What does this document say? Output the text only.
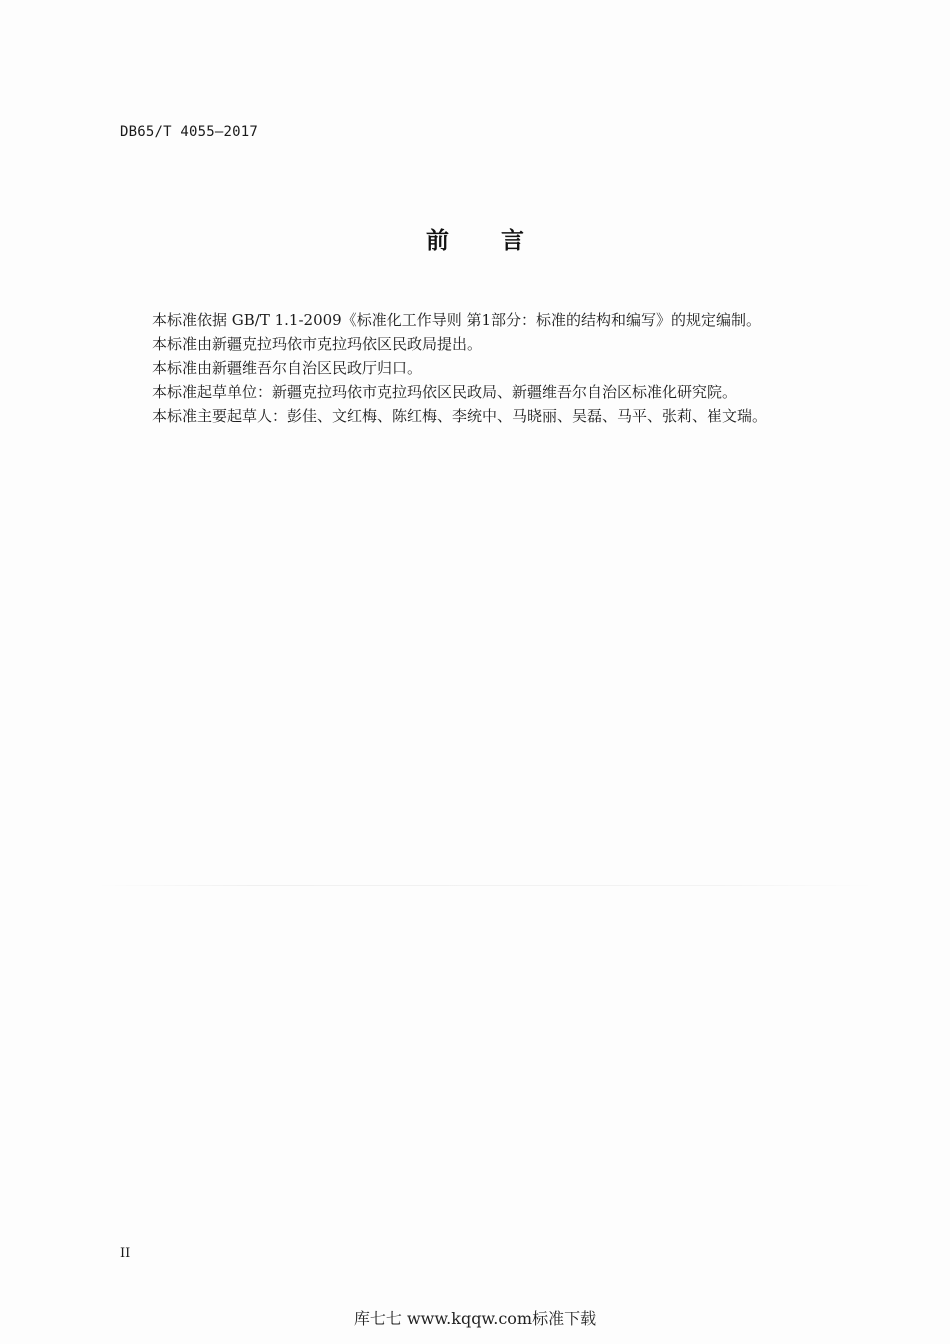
DB65/T 4055—2017
前 言

本标准依据 GB/T 1.1-2009《标准化工作导则 第1部分：标准的结构和编写》的规定编制。

本标准由新疆克拉玛依市克拉玛依区民政局提出。

本标准由新疆维吾尔自治区民政厅归口。

本标准起草单位：新疆克拉玛依市克拉玛依区民政局、新疆维吾尔自治区标准化研究院。

本标准主要起草人：彭佳、文红梅、陈红梅、李统中、马晓丽、吴磊、马平、张莉、崔文瑞。

II
库七七 www.kqqw.com标准下载
